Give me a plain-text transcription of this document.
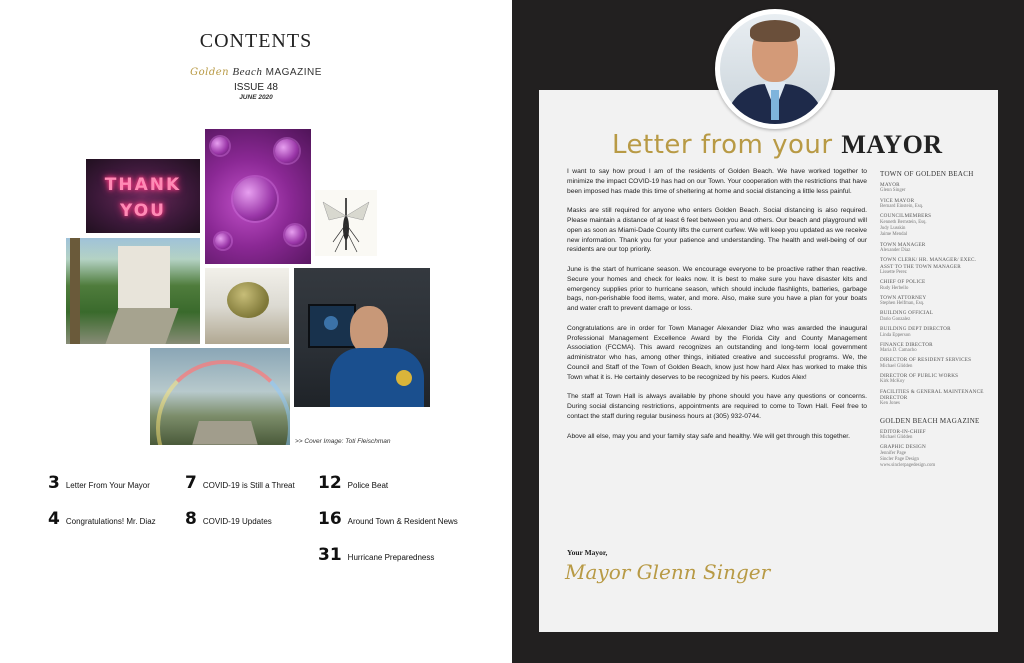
CONTENTS
Golden Beach MAGAZINE
ISSUE 48
JUNE 2020
THANK
YOU
>> Cover Image: Toti Fleischman
3 Letter From Your Mayor
4 Congratulations! Mr. Diaz
7 COVID-19 is Still a Threat
8 COVID-19 Updates
12 Police Beat
16 Around Town & Resident News
31 Hurricane Preparedness
Letter from your MAYOR

I want to say how proud I am of the residents of Golden Beach. We have worked together to minimize the impact COVID-19 has had on our Town. Your cooperation with the restrictions that have been imposed has made this time of sheltering at home and social distancing a little less painful.

Masks are still required for anyone who enters Golden Beach. Social distancing is also required. Please maintain a distance of at least 6 feet between you and others. Our beach and playground will open as soon as Miami-Dade County lifts the current curfew. We will keep you updated as we receive new information. Thank you for your patience and understanding. The health and well-being of our residents are our top priority.

June is the start of hurricane season. We encourage everyone to be proactive rather than reactive. Secure your homes and check for leaks now. It is best to make sure you have disaster kits and emergency supplies prior to hurricane season, which should include flashlights, batteries, garbage bags, non-perishable food items, water, and more. Also, make sure you have a plan for your boats and water craft to prevent damage or loss.

Congratulations are in order for Town Manager Alexander Diaz who was awarded the inaugural Professional Management Excellence Award by the Florida City and County Management Association (FCCMA). This award recognizes an outstanding and long-term local government administrator who has, among other things, initiated creative and successful programs. We, the Council and Staff of the Town of Golden Beach, know just how hard Alex has worked to make this Town what it is. He certainly deserves to be recognized by his peers. Kudos Alex!

The staff at Town Hall is always available by phone should you have any questions or concerns. During social distancing restrictions, appointments are required to come to Town Hall. Feel free to contact the staff during regular business hours at (305) 932-0744.

Above all else, may you and your family stay safe and healthy. We will get through this together.

Your Mayor,
Mayor Glenn Singer
TOWN OF GOLDEN BEACH
MAYOR
Glenn Singer
VICE MAYOR
Bernard Einstein, Esq.
COUNCILMEMBERS
Kenneth Bernstein, Esq.
Judy Lusskin
Jaime Mendal
TOWN MANAGER
Alexander Diaz
TOWN CLERK/ HR. MANAGER/ EXEC. ASST TO THE TOWN MANAGER
Lissette Perez
CHIEF OF POLICE
Rudy Herbello
TOWN ATTORNEY
Stephen Helfman, Esq.
BUILDING OFFICIAL
Dario Gonzalez
BUILDING DEPT DIRECTOR
Linda Epperson
FINANCE DIRECTOR
Maria D. Camacho
DIRECTOR OF RESIDENT SERVICES
Michael Glidden
DIRECTOR OF PUBLIC WORKS
Kirk McKoy
FACILITIES & GENERAL MAINTENANCE DIRECTOR
Ken Jones
GOLDEN BEACH MAGAZINE
EDITOR-IN-CHIEF
Michael Glidden
GRAPHIC DESIGN
Jennifer Page
Sincler Page Design
www.sinclerpagedesign.com
